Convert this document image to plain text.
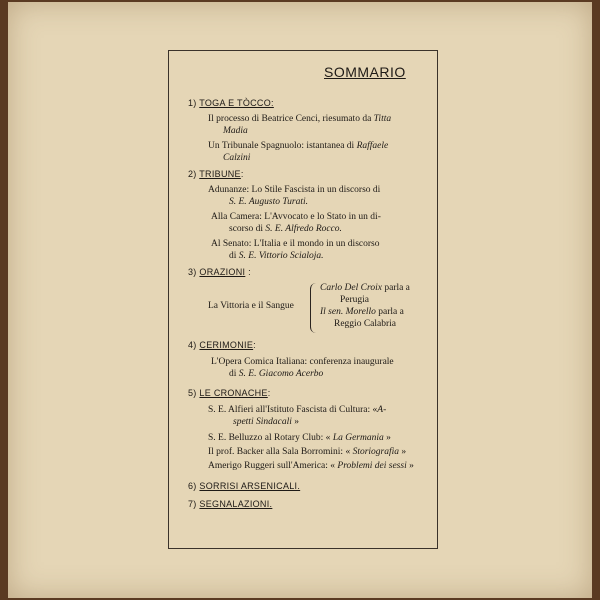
SOMMARIO
1) TOGA E TÒCCO:
Il processo di Beatrice Cenci, riesumato da Titta
Madia
Un Tribunale Spagnuolo: istantanea di Raffaele
Calzini
2) TRIBUNE:
Adunanze: Lo Stile Fascista in un discorso di
S. E. Augusto Turati.
Alla Camera: L'Avvocato e lo Stato in un di-
scorso di S. E. Alfredo Rocco.
Al Senato: L'Italia e il mondo in un discorso
di S. E. Vittorio Scialoja.
3) ORAZIONI :
La Vittoria e il Sangue
Carlo Del Croix parla a
Perugia
Il sen. Morello parla a
Reggio Calabria
4) CERIMONIE:
L'Opera Comica Italiana: conferenza inaugurale
di S. E. Giacomo Acerbo
5) LE CRONACHE:
S. E. Alfieri all'Istituto Fascista di Cultura: «A-
spetti Sindacali »
S. E. Belluzzo al Rotary Club: « La Germania »
Il prof. Backer alla Sala Borromini: « Storiografia »
Amerigo Ruggeri sull'America: « Problemi dei sessi »
6) SORRISI ARSENICALI.
7) SEGNALAZIONI.
